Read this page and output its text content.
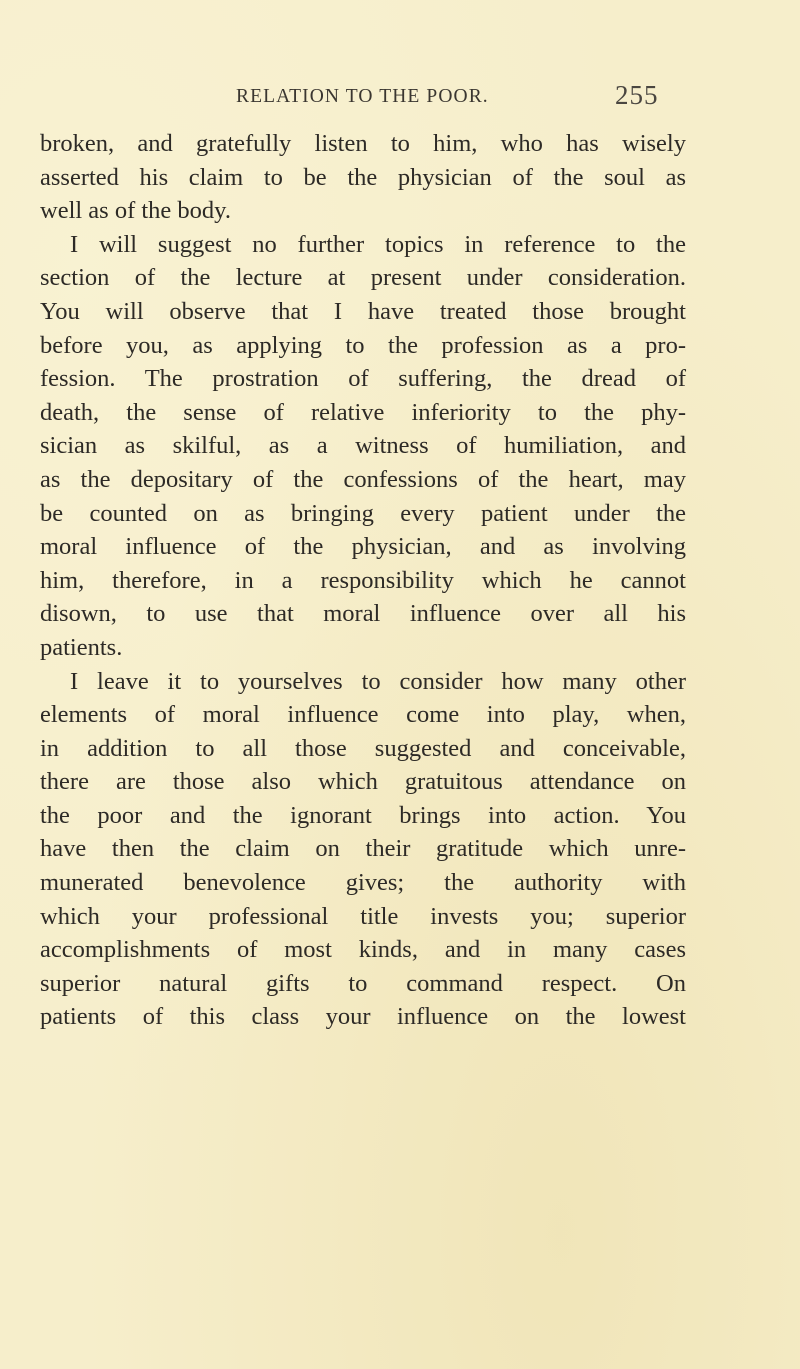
RELATION TO THE POOR.	255
broken, and gratefully listen to him, who has wisely
asserted his claim to be the physician of the soul as
well as of the body.
I will suggest no further topics in reference to the
section of the lecture at present under consideration.
You will observe that I have treated those brought
before you, as applying to the profession as a pro-
fession. The prostration of suffering, the dread of
death, the sense of relative inferiority to the phy-
sician as skilful, as a witness of humiliation, and
as the depositary of the confessions of the heart, may
be counted on as bringing every patient under the
moral influence of the physician, and as involving
him, therefore, in a responsibility which he cannot
disown, to use that moral influence over all his
patients.
I leave it to yourselves to consider how many other
elements of moral influence come into play, when,
in addition to all those suggested and conceivable,
there are those also which gratuitous attendance on
the poor and the ignorant brings into action. You
have then the claim on their gratitude which unre-
munerated benevolence gives; the authority with
which your professional title invests you; superior
accomplishments of most kinds, and in many cases
superior natural gifts to command respect. On
patients of this class your influence on the lowest
